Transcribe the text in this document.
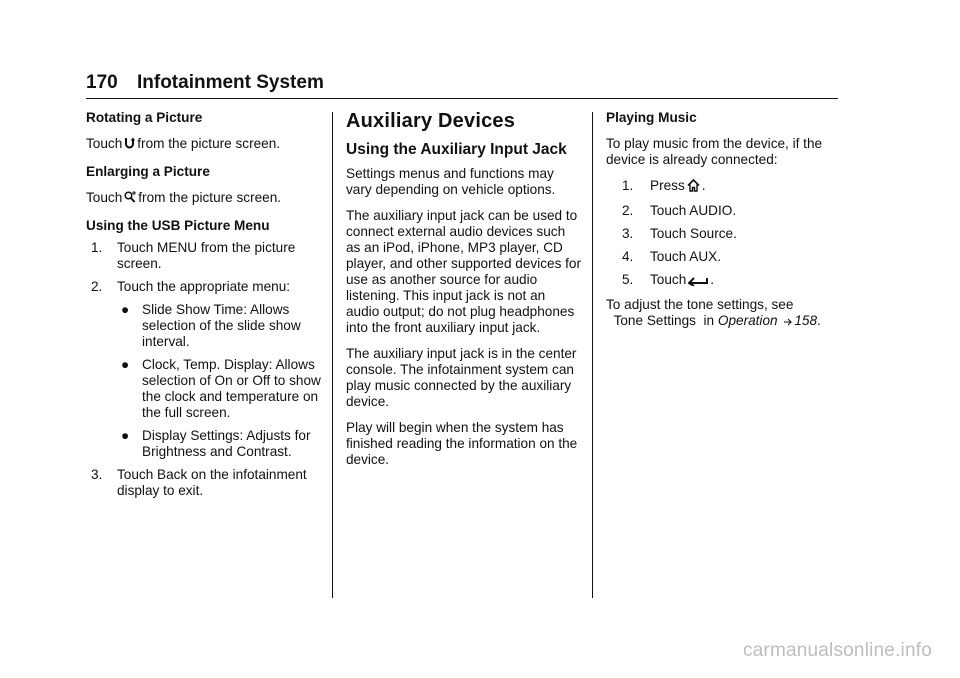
170 Infotainment System
Rotating a Picture

Touch from the picture screen.

Enlarging a Picture

Touch from the picture screen.

Using the USB Picture Menu
1. Touch MENU from the picture screen.
2. Touch the appropriate menu:
● Slide Show Time: Allows selection of the slide show interval.
● Clock, Temp. Display: Allows selection of On or Off to show the clock and temperature on the full screen.
● Display Settings: Adjusts for Brightness and Contrast.
3. Touch Back on the infotainment display to exit.
Auxiliary Devices
Using the Auxiliary Input Jack

Settings menus and functions may vary depending on vehicle options.

The auxiliary input jack can be used to connect external audio devices such as an iPod, iPhone, MP3 player, CD player, and other supported devices for use as another source for audio listening. This input jack is not an audio output; do not plug headphones into the front auxiliary input jack.

The auxiliary input jack is in the center console. The infotainment system can play music connected by the auxiliary device.

Play will begin when the system has finished reading the information on the device.

Playing Music

To play music from the device, if the device is already connected:

1. Press .
2. Touch AUDIO.
3. Touch Source.
4. Touch AUX.
5. Touch .

To adjust the tone settings, see
Tone Settings in Operation 158.

carmanualsonline.info
